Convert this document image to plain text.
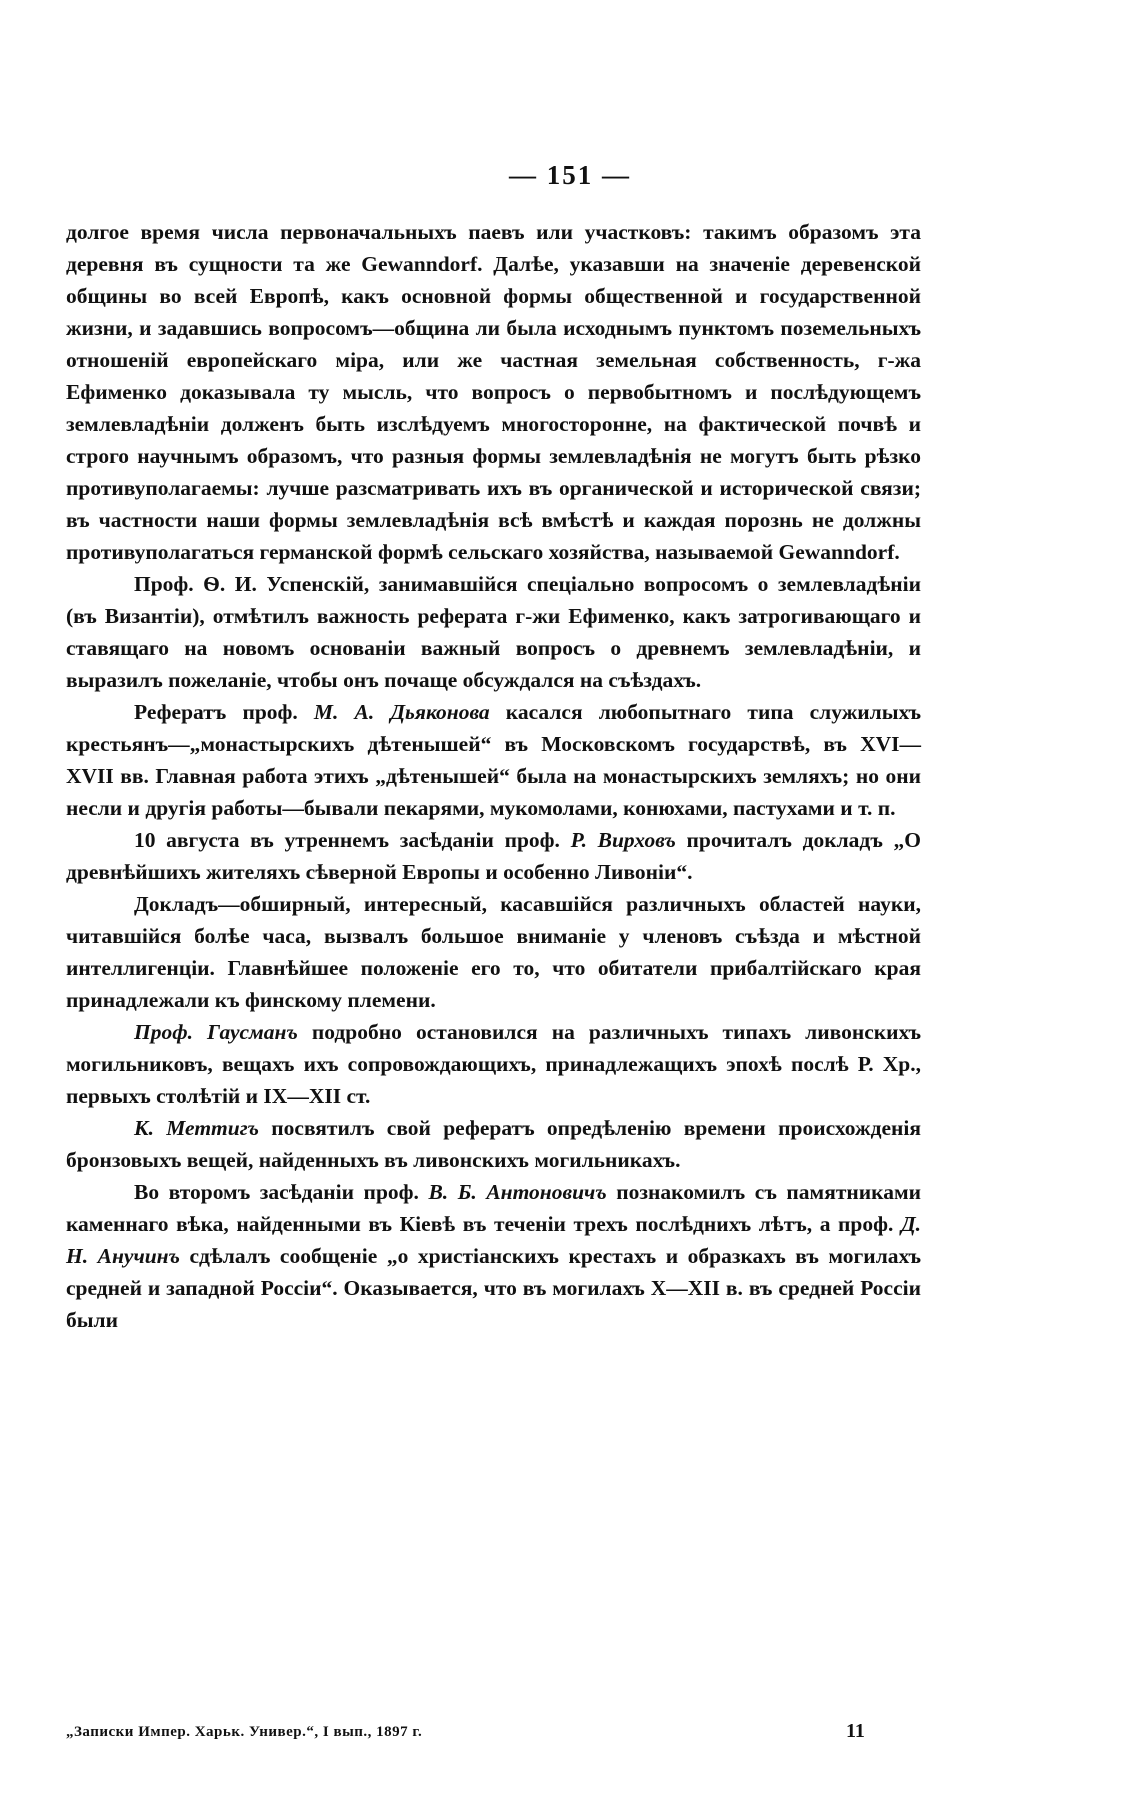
— 151 —

долгое время числа первоначальныхъ паевъ или участковъ: такимъ образомъ эта деревня въ сущности та же Gewanndorf. Далѣе, указавши на значеніе деревенской общины во всей Европѣ, какъ основной формы общественной и государственной жизни, и задавшись вопросомъ—община ли была исходнымъ пунктомъ поземельныхъ отношеній европейскаго міра, или же частная земельная собственность, г-жа Ефименко доказывала ту мысль, что вопросъ о первобытномъ и послѣдующемъ землевладѣніи долженъ быть изслѣдуемъ многосторонне, на фактической почвѣ и строго научнымъ образомъ, что разныя формы землевладѣнія не могутъ быть рѣзко противуполагаемы: лучше разсматривать ихъ въ органической и исторической связи; въ частности наши формы землевладѣнія всѣ вмѣстѣ и каждая порознь не должны противуполагаться германской формѣ сельскаго хозяйства, называемой Gewanndorf.

Проф. Ѳ. И. Успенскій, занимавшійся спеціально вопросомъ о землевладѣніи (въ Византіи), отмѣтилъ важность реферата г-жи Ефименко, какъ затрогивающаго и ставящаго на новомъ основаніи важный вопросъ о древнемъ землевладѣніи, и выразилъ пожеланіе, чтобы онъ почаще обсуждался на съѣздахъ.

Рефератъ проф. М. А. Дьяконова касался любопытнаго типа служилыхъ крестьянъ—„монастырскихъ дѣтенышей“ въ Московскомъ государствѣ, въ XVI—XVII вв. Главная работа этихъ „дѣтенышей“ была на монастырскихъ земляхъ; но они несли и другія работы—бывали пекарями, мукомолами, конюхами, пастухами и т. п.

10 августа въ утреннемъ засѣданіи проф. Р. Вирховъ прочиталъ докладъ „О древнѣйшихъ жителяхъ сѣверной Европы и особенно Ливоніи“.

Докладъ—обширный, интересный, касавшійся различныхъ областей науки, читавшійся болѣе часа, вызвалъ большое вниманіе у членовъ съѣзда и мѣстной интеллигенціи. Главнѣйшее положеніе его то, что обитатели прибалтійскаго края принадлежали къ финскому племени.

Проф. Гаусманъ подробно остановился на различныхъ типахъ ливонскихъ могильниковъ, вещахъ ихъ сопровождающихъ, принадлежащихъ эпохѣ послѣ Р. Хр., первыхъ столѣтій и IX—XII ст.

К. Меттигъ посвятилъ свой рефератъ опредѣленію времени происхожденія бронзовыхъ вещей, найденныхъ въ ливонскихъ могильникахъ.

Во второмъ засѣданіи проф. В. Б. Антоновичъ познакомилъ съ памятниками каменнаго вѣка, найденными въ Кіевѣ въ теченіи трехъ послѣднихъ лѣтъ, а проф. Д. Н. Анучинъ сдѣлалъ сообщеніе „о христіанскихъ крестахъ и образкахъ въ могилахъ средней и западной Россіи“. Оказывается, что въ могилахъ X—XII в. въ средней Россіи были

„Записки Импер. Харьк. Универ.“, I вып., 1897 г.	11
